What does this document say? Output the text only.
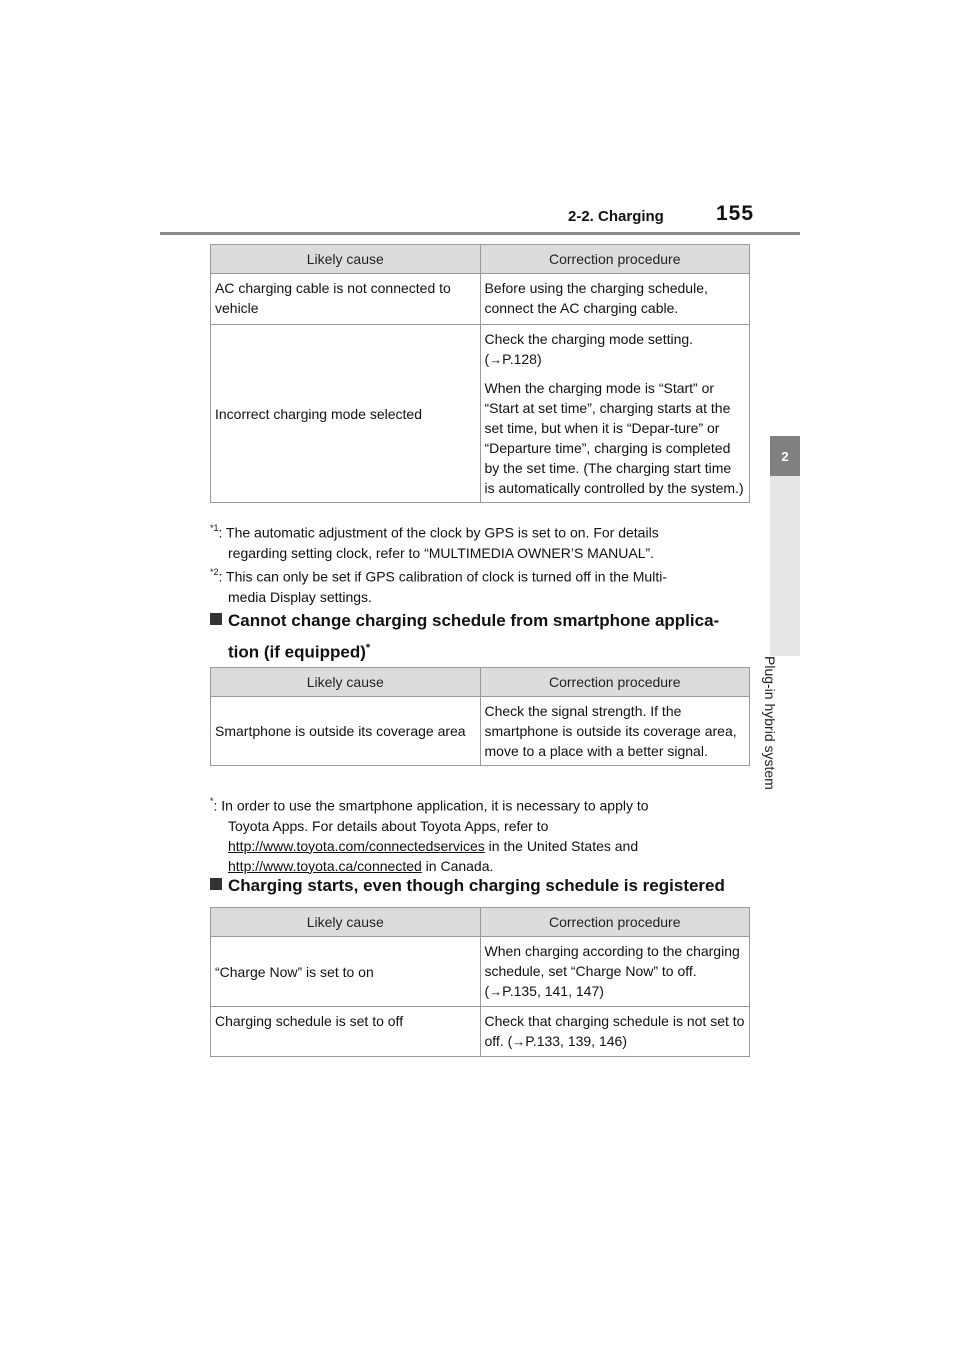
2-2. Charging 155
2
Plug-in hybrid system
Likely cause	Correction procedure
AC charging cable is not connected to vehicle	Before using the charging schedule, connect the AC charging cable.
Incorrect charging mode selected	Check the charging mode setting. (→P.128)
When the charging mode is “Start” or “Start at set time”, charging starts at the set time, but when it is “Depar-ture” or “Departure time”, charging is completed by the set time. (The charging start time is automatically controlled by the system.)
$^{*1}$: The automatic adjustment of the clock by GPS is set to on. For details
regarding setting clock, refer to “MULTIMEDIA OWNER’S MANUAL”.
$^{*2}$: This can only be set if GPS calibration of clock is turned off in the Multi-
media Display settings.
Cannot change charging schedule from smartphone applica-
tion (if equipped)*
Likely cause	Correction procedure
Smartphone is outside its coverage area	Check the signal strength. If the smartphone is outside its coverage area, move to a place with a better signal.
*: In order to use the smartphone application, it is necessary to apply to
Toyota Apps. For details about Toyota Apps, refer to
http://www.toyota.com/connectedservices in the United States and
http://www.toyota.ca/connected in Canada.
Charging starts, even though charging schedule is registered
Likely cause	Correction procedure
“Charge Now” is set to on	When charging according to the charging schedule, set “Charge Now” to off. (→P.135, 141, 147)
Charging schedule is set to off	Check that charging schedule is not set to off. (→P.133, 139, 146)
